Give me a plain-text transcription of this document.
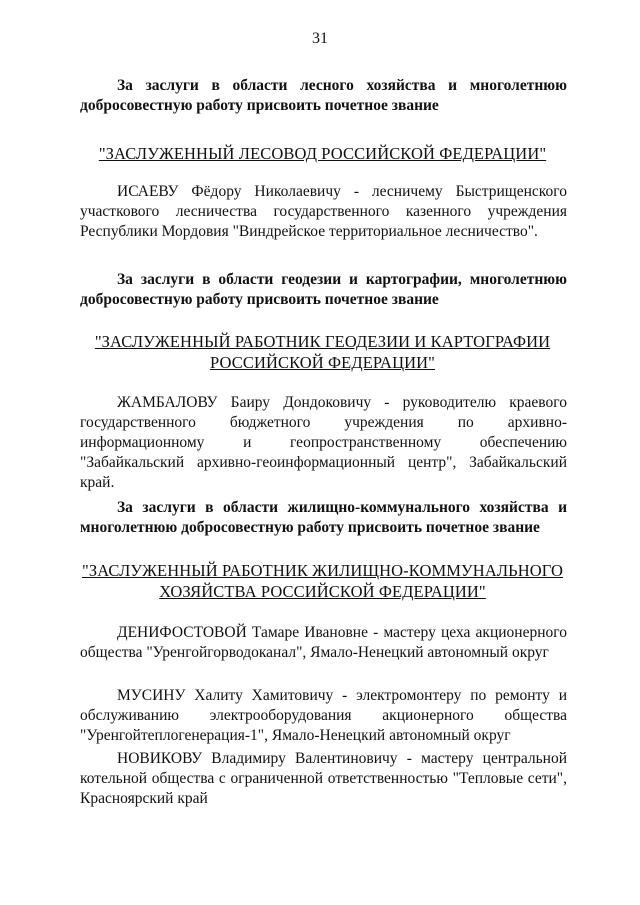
31
За заслуги в области лесного хозяйства и многолетнюю добросовестную работу присвоить почетное звание
"ЗАСЛУЖЕННЫЙ ЛЕСОВОД РОССИЙСКОЙ ФЕДЕРАЦИИ"
ИСАЕВУ Фёдору Николаевичу - лесничему Быстрищенского участкового лесничества государственного казенного учреждения Республики Мордовия "Виндрейское территориальное лесничество".
За заслуги в области геодезии и картографии, многолетнюю добросовестную работу присвоить почетное звание
"ЗАСЛУЖЕННЫЙ РАБОТНИК ГЕОДЕЗИИ И КАРТОГРАФИИ
РОССИЙСКОЙ ФЕДЕРАЦИИ"
ЖАМБАЛОВУ Баиру Дондоковичу - руководителю краевого государственного бюджетного учреждения по архивно-информационному и геопространственному обеспечению "Забайкальский архивно-геоинформационный центр", Забайкальский край.
За заслуги в области жилищно-коммунального хозяйства и многолетнюю добросовестную работу присвоить почетное звание
"ЗАСЛУЖЕННЫЙ РАБОТНИК ЖИЛИЩНО-КОММУНАЛЬНОГО
ХОЗЯЙСТВА РОССИЙСКОЙ ФЕДЕРАЦИИ"
ДЕНИФОСТОВОЙ Тамаре Ивановне - мастеру цеха акционерного общества "Уренгойгорводоканал", Ямало-Ненецкий автономный округ
МУСИНУ Халиту Хамитовичу - электромонтеру по ремонту и обслуживанию электрооборудования акционерного общества "Уренгойтеплогенерация-1", Ямало-Ненецкий автономный округ
НОВИКОВУ Владимиру Валентиновичу - мастеру центральной котельной общества с ограниченной ответственностью "Тепловые сети", Красноярский край
